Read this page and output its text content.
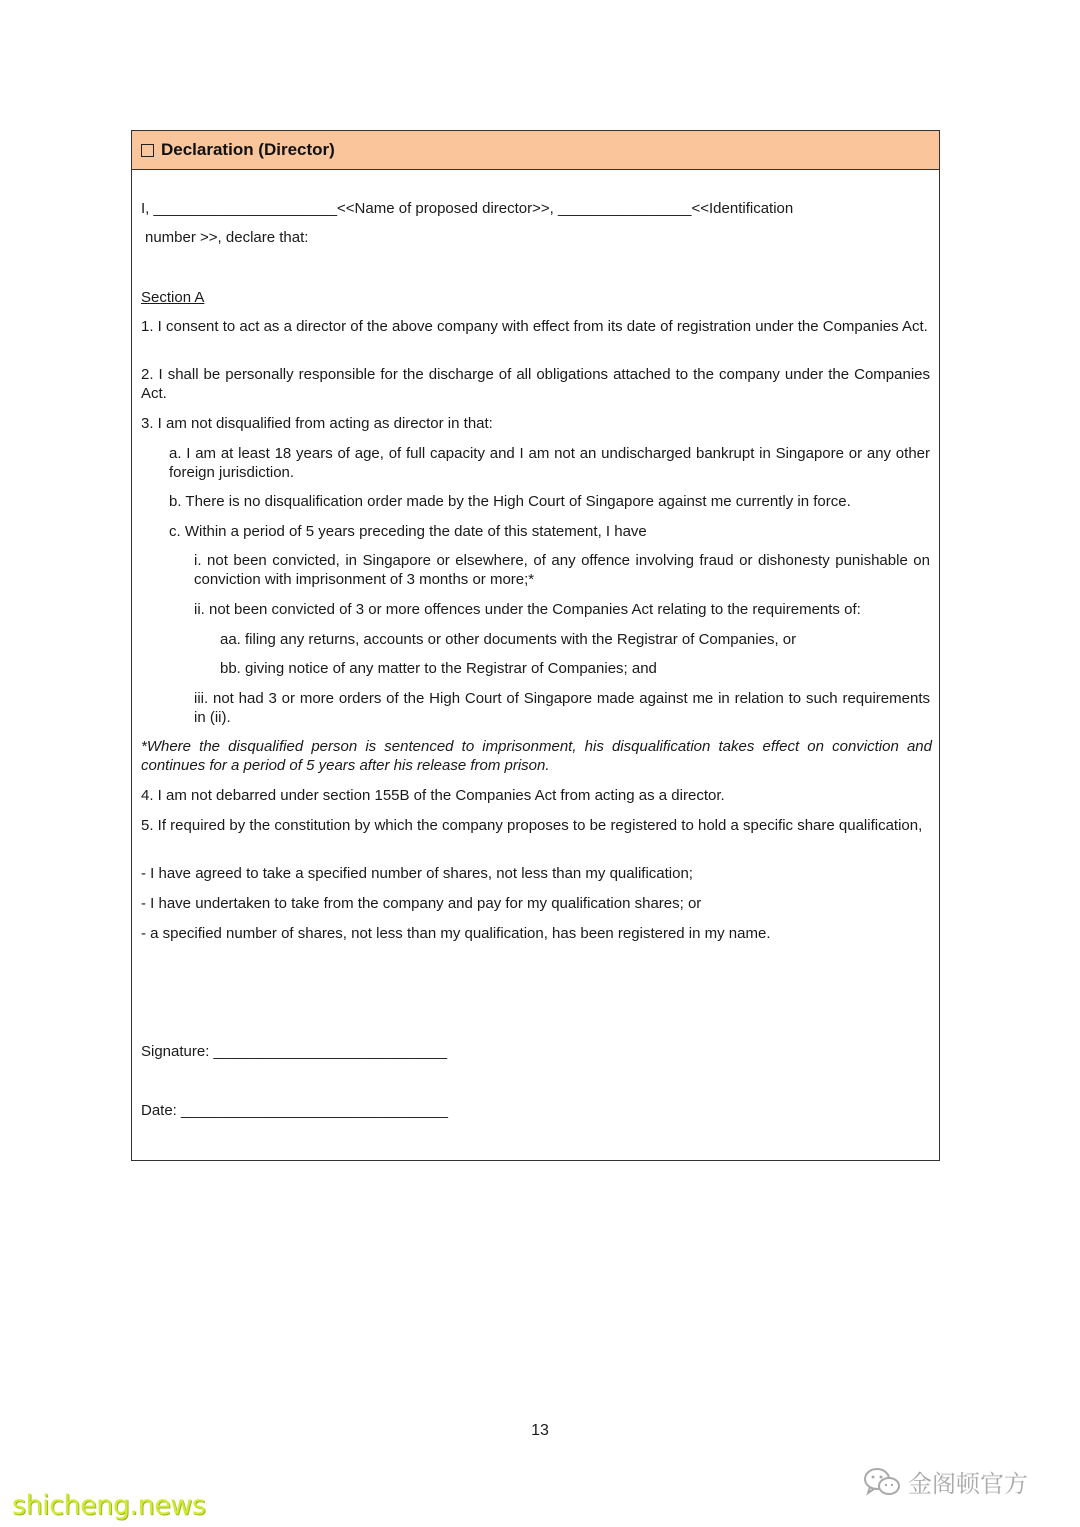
Declaration (Director)
I, ______________________<<Name of proposed director>>, ________________<<Identification
number >>, declare that:
Section A
1. I consent to act as a director of the above company with effect from its date of registration under the Companies Act.
2. I shall be personally responsible for the discharge of all obligations attached to the company under the Companies Act.
3. I am not disqualified from acting as director in that:
a. I am at least 18 years of age, of full capacity and I am not an undischarged bankrupt in Singapore or any other foreign jurisdiction.
b. There is no disqualification order made by the High Court of Singapore against me currently in force.
c. Within a period of 5 years preceding the date of this statement, I have
i. not been convicted, in Singapore or elsewhere, of any offence involving fraud or dishonesty punishable on conviction with imprisonment of 3 months or more;*
ii. not been convicted of 3 or more offences under the Companies Act relating to the requirements of:
aa. filing any returns, accounts or other documents with the Registrar of Companies, or
bb. giving notice of any matter to the Registrar of Companies; and
iii. not had 3 or more orders of the High Court of Singapore made against me in relation to such requirements in (ii).
*Where the disqualified person is sentenced to imprisonment, his disqualification takes effect on conviction and continues for a period of 5 years after his release from prison.
4. I am not debarred under section 155B of the Companies Act from acting as a director.
5. If required by the constitution by which the company proposes to be registered to hold a specific share qualification,
- I have agreed to take a specified number of shares, not less than my qualification;
- I have undertaken to take from the company and pay for my qualification shares; or
- a specified number of shares, not less than my qualification, has been registered in my name.
Signature: ____________________________
Date: ________________________________
13
shicheng.news
金阁顿官方
